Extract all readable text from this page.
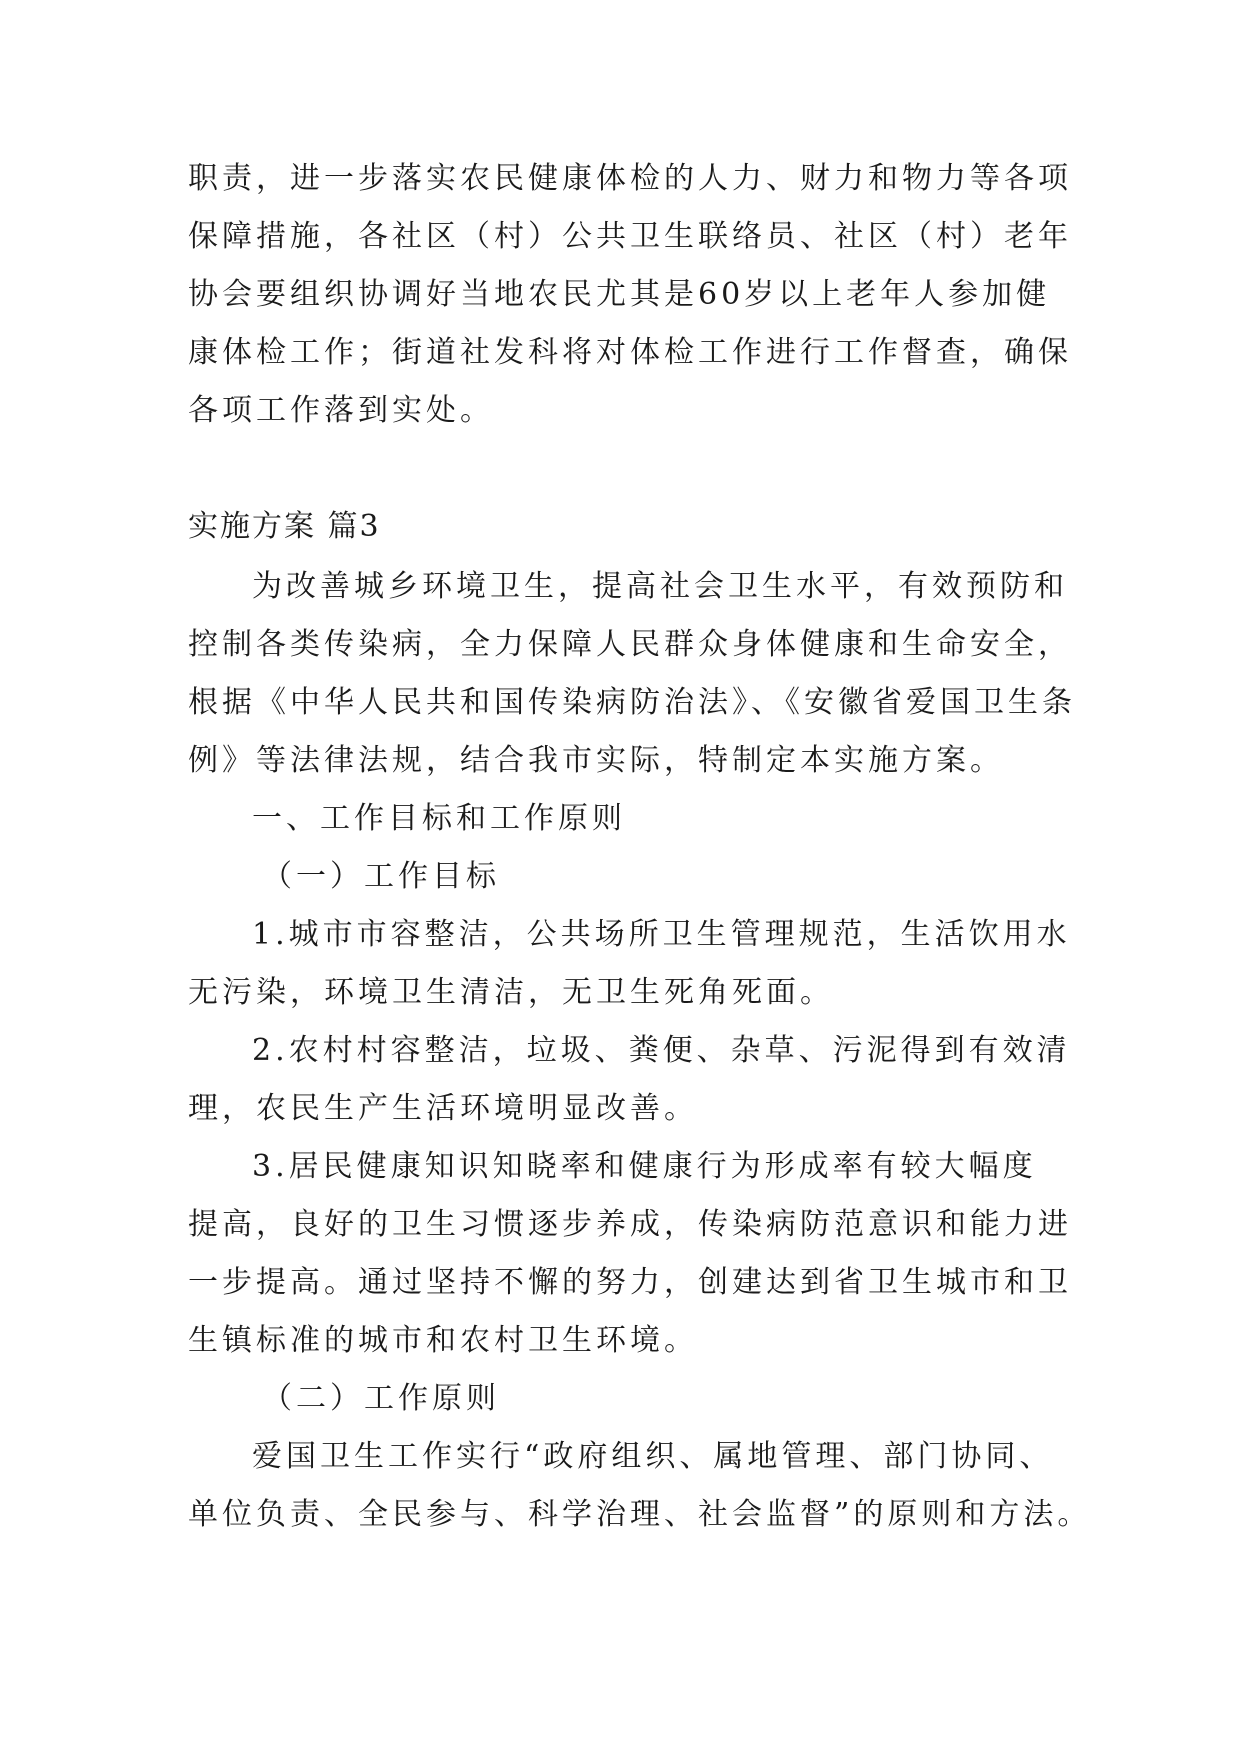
职责，进一步落实农民健康体检的人力、财力和物力等各项
保障措施，各社区（村）公共卫生联络员、社区（村）老年
协会要组织协调好当地农民尤其是60岁以上老年人参加健
康体检工作；街道社发科将对体检工作进行工作督查，确保
各项工作落到实处。
实施方案 篇3
为改善城乡环境卫生，提高社会卫生水平，有效预防和
控制各类传染病，全力保障人民群众身体健康和生命安全，
根据《中华人民共和国传染病防治法》、《安徽省爱国卫生条
例》等法律法规，结合我市实际，特制定本实施方案。
一、工作目标和工作原则
（一）工作目标
1.城市市容整洁，公共场所卫生管理规范，生活饮用水
无污染，环境卫生清洁，无卫生死角死面。
2.农村村容整洁，垃圾、粪便、杂草、污泥得到有效清
理，农民生产生活环境明显改善。
3.居民健康知识知晓率和健康行为形成率有较大幅度
提高，良好的卫生习惯逐步养成，传染病防范意识和能力进
一步提高。通过坚持不懈的努力，创建达到省卫生城市和卫
生镇标准的城市和农村卫生环境。
（二）工作原则
爱国卫生工作实行“政府组织、属地管理、部门协同、
单位负责、全民参与、科学治理、社会监督”的原则和方法。
